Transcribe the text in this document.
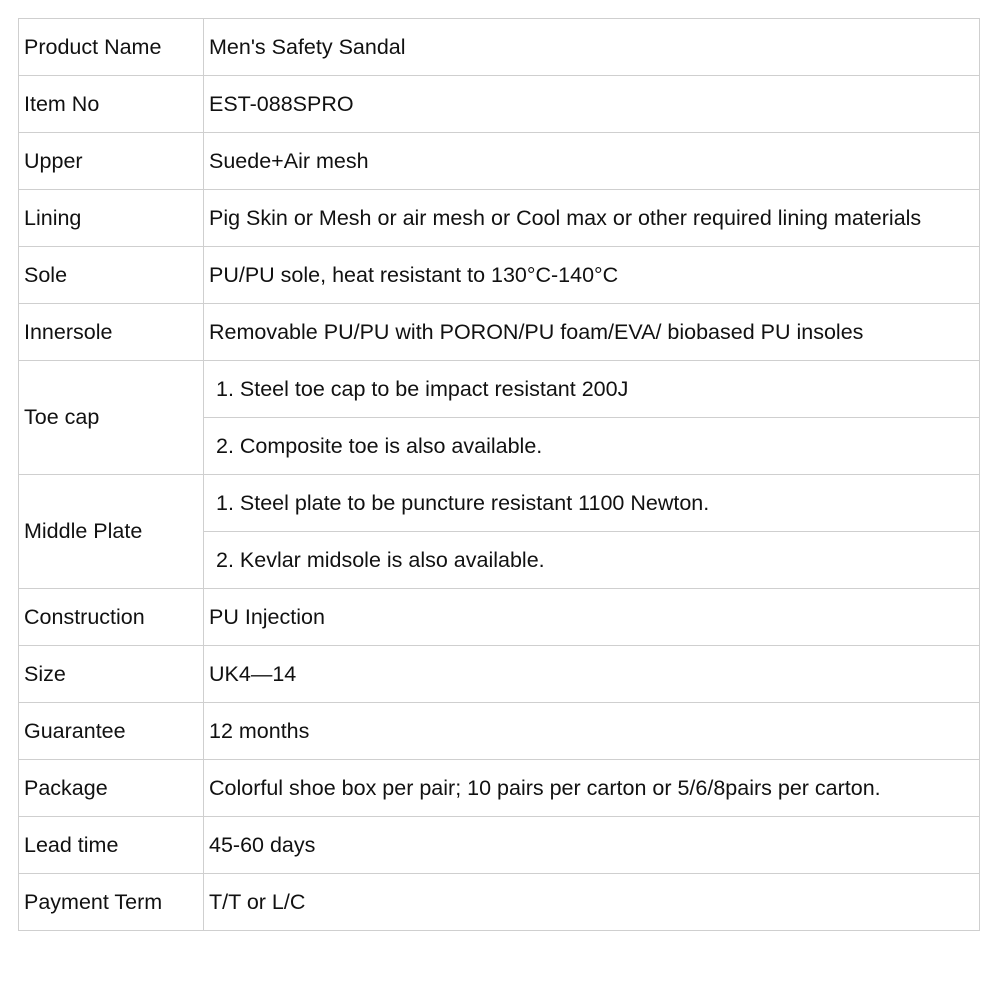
Product Name	Men's Safety Sandal
Item No	EST-088SPRO
Upper	Suede+Air mesh
Lining	Pig Skin or Mesh or air mesh or Cool max or other required lining materials
Sole	PU/PU sole, heat resistant to 130°C-140°C
Innersole	Removable PU/PU with PORON/PU foam/EVA/ biobased PU insoles
Toe cap	1. Steel toe cap to be impact resistant 200J
	2. Composite toe is also available.
Middle Plate	1. Steel plate to be puncture resistant 1100 Newton.
	2. Kevlar midsole is also available.
Construction	PU Injection
Size	UK4—14
Guarantee	12 months
Package	Colorful shoe box per pair; 10 pairs per carton or 5/6/8pairs per carton.
Lead time	45-60 days
Payment Term	T/T or L/C
